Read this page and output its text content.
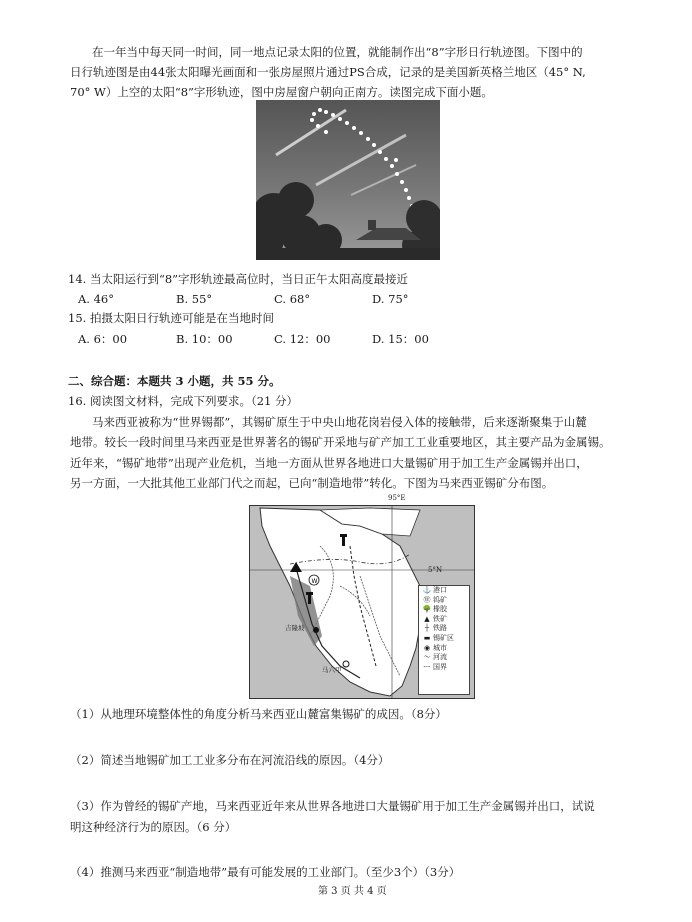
在一年当中每天同一时间，同一地点记录太阳的位置，就能制作出“8”字形日行轨迹图。下图中的
日行轨迹图是由44张太阳曝光画面和一张房屋照片通过PS合成，记录的是美国新英格兰地区（45° N,
70° W）上空的太阳“8”字形轨迹，图中房屋窗户朝向正南方。读图完成下面小题。
14. 当太阳运行到“8”字形轨迹最高位时，当日正午太阳高度最接近
A. 46°	B. 55°	C. 68°	D. 75°
15. 拍摄太阳日行轨迹可能是在当地时间
A. 6：00	B. 10：00	C. 12：00	D. 15：00
二、综合题：本题共 3 小题，共 55 分。
16. 阅读图文材料，完成下列要求。（21 分）
马来西亚被称为“世界锡都”，其锡矿原生于中央山地花岗岩侵入体的接触带，后来逐渐聚集于山麓
地带。较长一段时间里马来西亚是世界著名的锡矿开采地与矿产加工工业重要地区，其主要产品为金属锡。
近年来，“锡矿地带”出现产业危机，当地一方面从世界各地进口大量锡矿用于加工生产金属锡并出口，
另一方面，一大批其他工业部门代之而起，已向“制造地带”转化。下图为马来西亚锡矿分布图。
95°E
W
5°N
吉隆坡
马六甲
⚓ 港口
Ⓦ 钨矿
🌳 橡胶
▲ 铁矿
┼ 铁路
▬ 锡矿区
◉ 城市
〜 河流
-·- 国界
（1）从地理环境整体性的角度分析马来西亚山麓富集锡矿的成因。（8分）
（2）简述当地锡矿加工工业多分布在河流沿线的原因。（4分）
（3）作为曾经的锡矿产地，马来西亚近年来从世界各地进口大量锡矿用于加工生产金属锡并出口，试说
明这种经济行为的原因。（6 分）
（4）推测马来西亚“制造地带”最有可能发展的工业部门。（至少3个）（3分）
第 3 页 共 4 页
